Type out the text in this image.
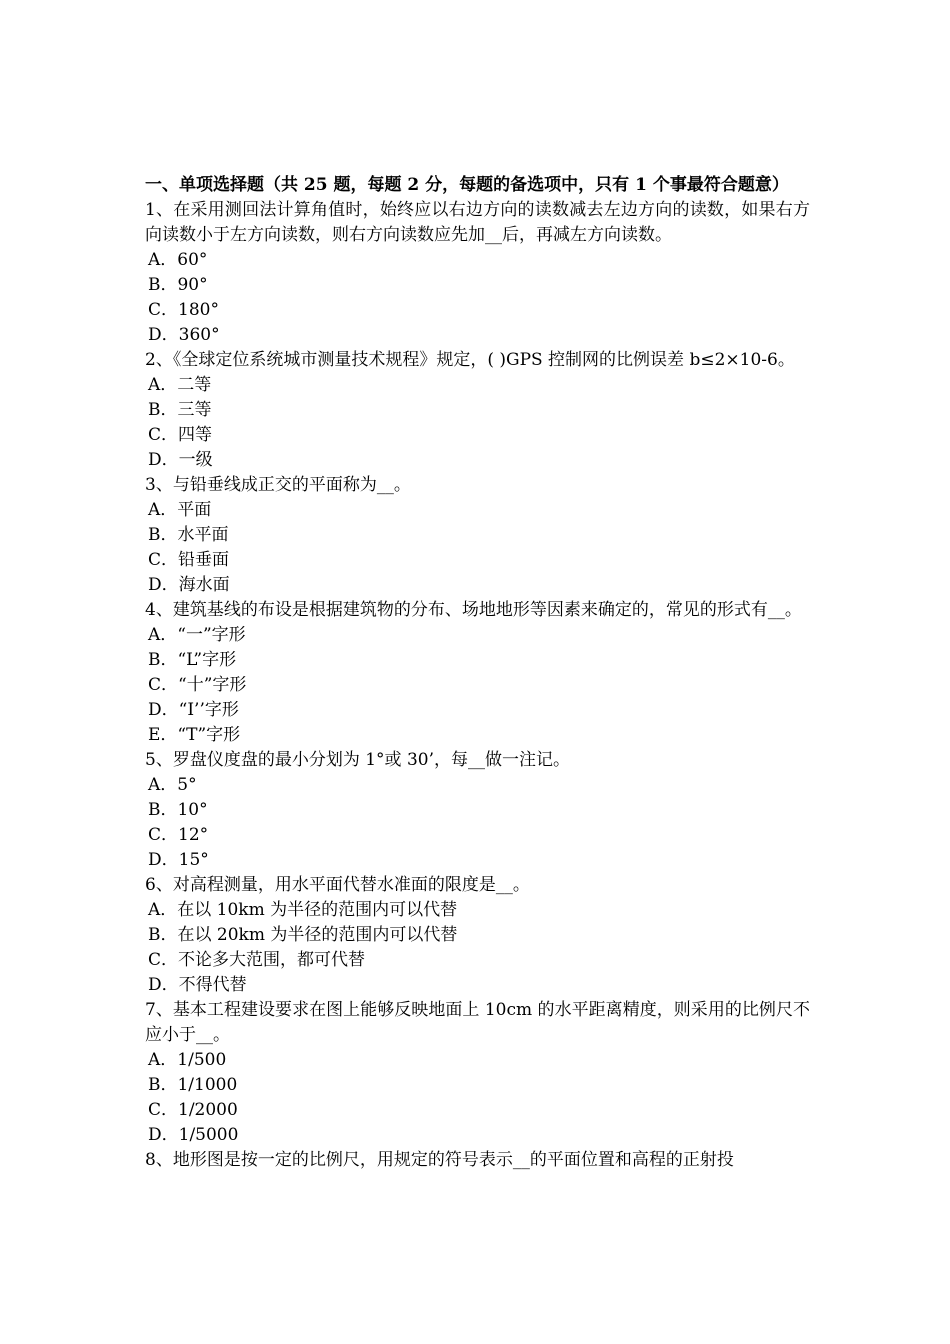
一、单项选择题（共 25 题，每题 2 分，每题的备选项中，只有 1 个事最符合题意）
1、在采用测回法计算角值时，始终应以右边方向的读数减去左边方向的读数，如果右方向读数小于左方向读数，则右方向读数应先加__后，再减左方向读数。
A．60°
B．90°
C．180°
D．360°
2、《全球定位系统城市测量技术规程》规定，( )GPS 控制网的比例误差 b≤2×10-6。
A．二等
B．三等
C．四等
D．一级
3、与铅垂线成正交的平面称为__。
A．平面
B．水平面
C．铅垂面
D．海水面
4、建筑基线的布设是根据建筑物的分布、场地地形等因素来确定的，常见的形式有__。
A．“一”字形
B．“L”字形
C．“十”字形
D．“I’’字形
E．“T”字形
5、罗盘仪度盘的最小分划为 1°或 30’，每__做一注记。
A．5°
B．10°
C．12°
D．15°
6、对高程测量，用水平面代替水准面的限度是__。
A．在以 10km 为半径的范围内可以代替
B．在以 20km 为半径的范围内可以代替
C．不论多大范围，都可代替
D．不得代替
7、基本工程建设要求在图上能够反映地面上 10cm 的水平距离精度，则采用的比例尺不应小于__。
A．1/500
B．1/1000
C．1/2000
D．1/5000
8、地形图是按一定的比例尺，用规定的符号表示__的平面位置和高程的正射投
